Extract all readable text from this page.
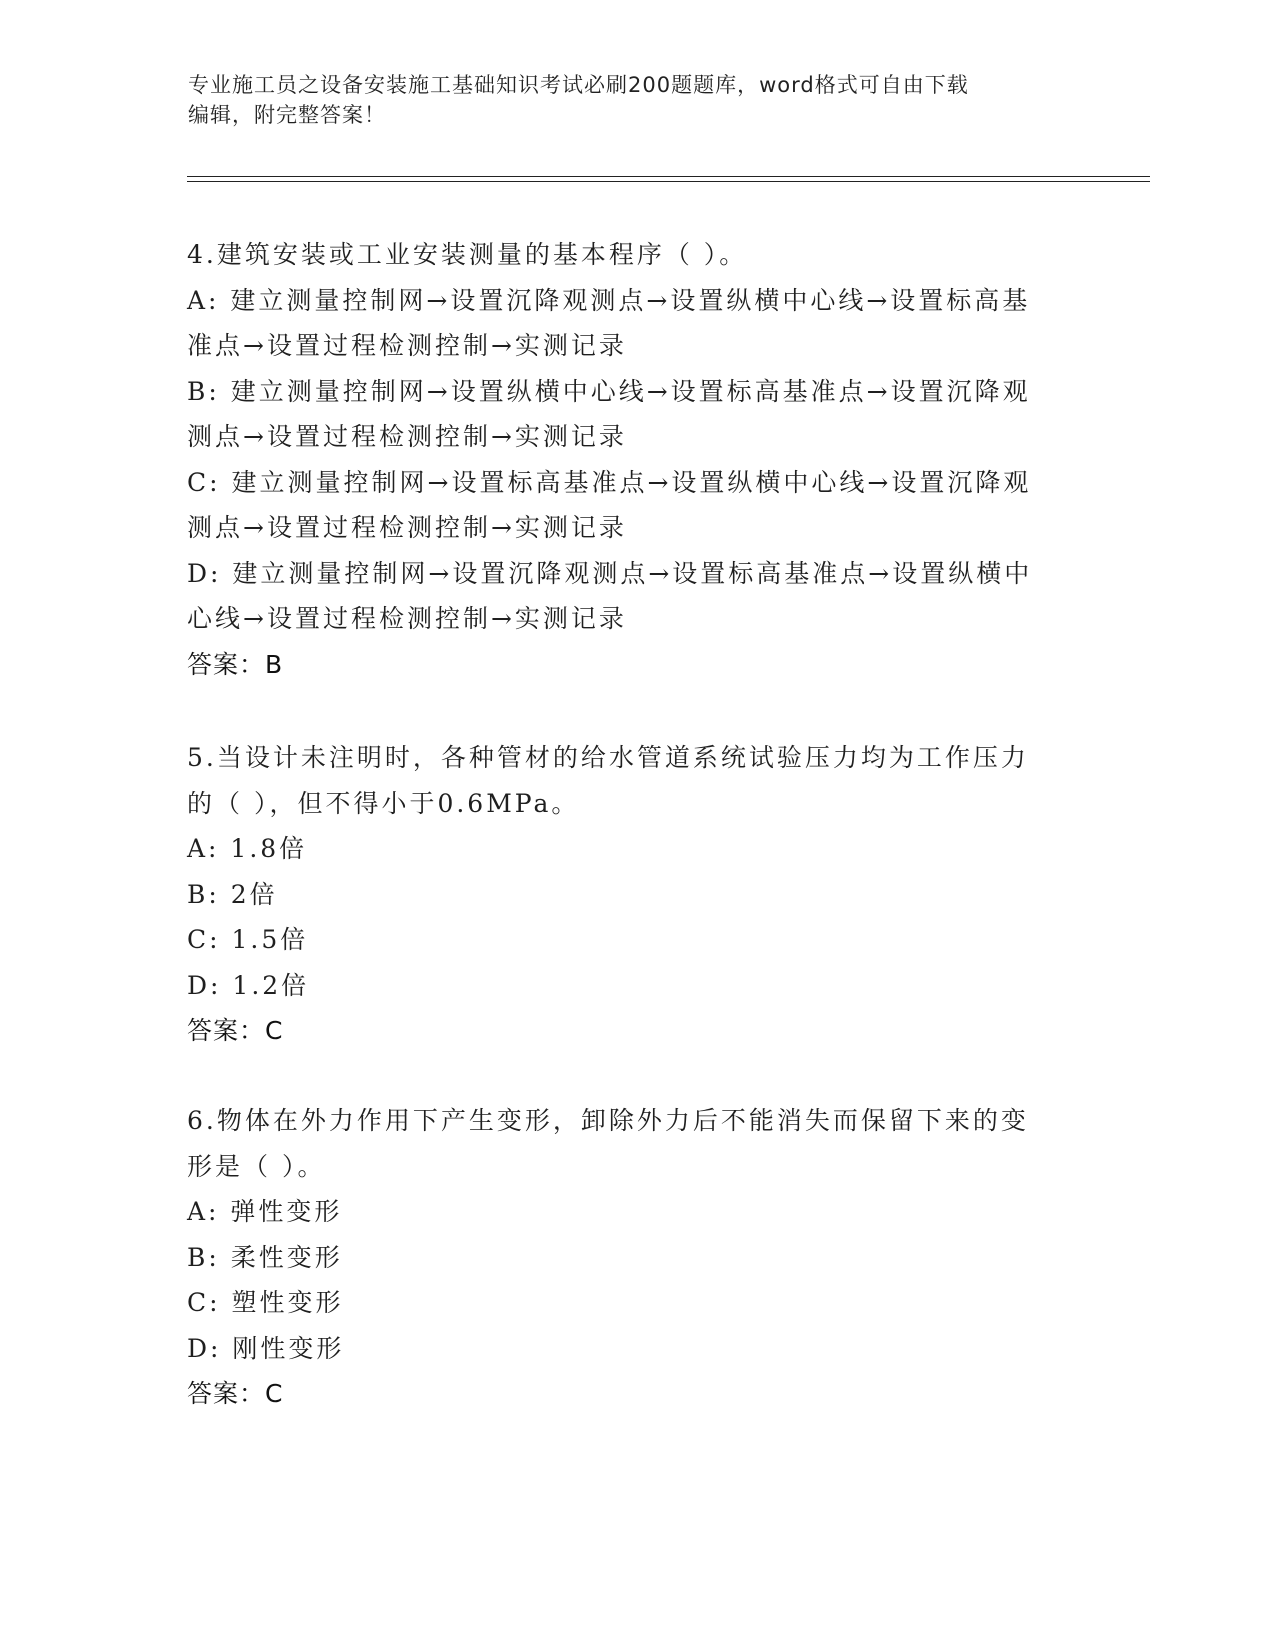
专业施工员之设备安装施工基础知识考试必刷200题题库，word格式可自由下载
编辑，附完整答案！
4.建筑安装或工业安装测量的基本程序（ ）。
A: 建立测量控制网→设置沉降观测点→设置纵横中心线→设置标高基
准点→设置过程检测控制→实测记录
B: 建立测量控制网→设置纵横中心线→设置标高基准点→设置沉降观
测点→设置过程检测控制→实测记录
C: 建立测量控制网→设置标高基准点→设置纵横中心线→设置沉降观
测点→设置过程检测控制→实测记录
D: 建立测量控制网→设置沉降观测点→设置标高基准点→设置纵横中
心线→设置过程检测控制→实测记录
答案：B
5.当设计未注明时，各种管材的给水管道系统试验压力均为工作压力
的（ ），但不得小于0.6MPa。
A: 1.8倍
B: 2倍
C: 1.5倍
D: 1.2倍
答案：C
6.物体在外力作用下产生变形，卸除外力后不能消失而保留下来的变
形是（ ）。
A: 弹性变形
B: 柔性变形
C: 塑性变形
D: 刚性变形
答案：C
